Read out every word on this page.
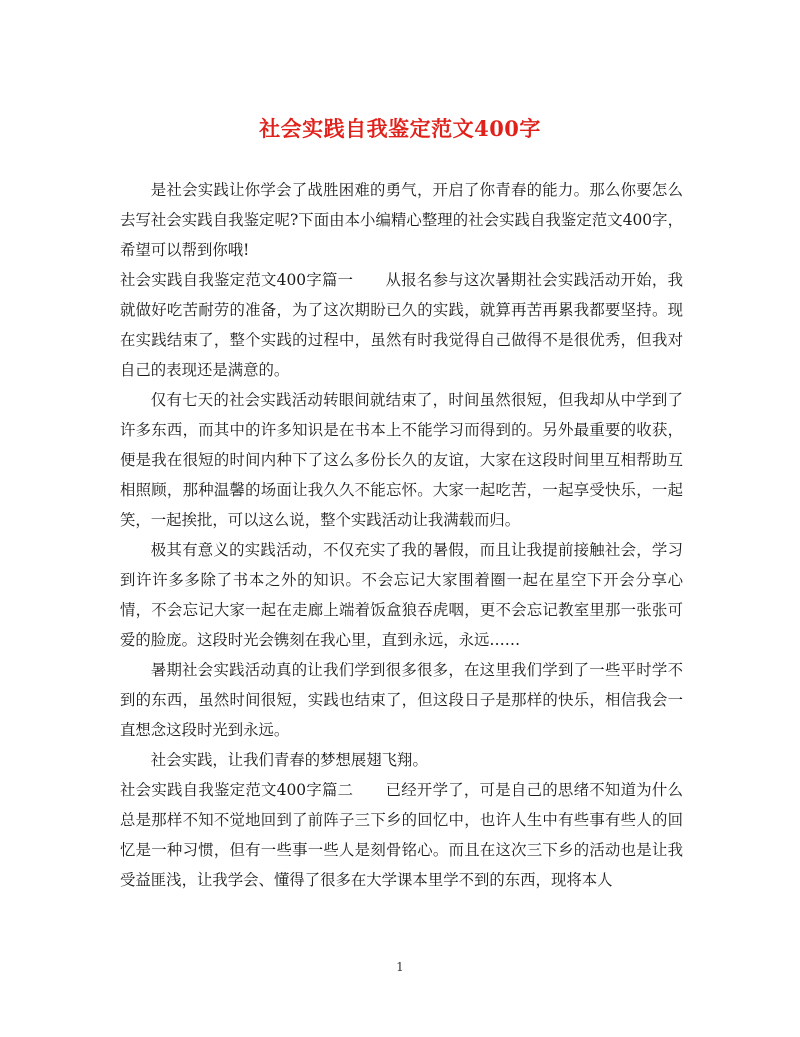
社会实践自我鉴定范文400字

是社会实践让你学会了战胜困难的勇气，开启了你青春的能力。那么你要怎么去写社会实践自我鉴定呢?下面由本小编精心整理的社会实践自我鉴定范文400字，希望可以帮到你哦!

社会实践自我鉴定范文400字篇一 从报名参与这次暑期社会实践活动开始，我就做好吃苦耐劳的准备，为了这次期盼已久的实践，就算再苦再累我都要坚持。现在实践结束了，整个实践的过程中，虽然有时我觉得自己做得不是很优秀，但我对自己的表现还是满意的。

仅有七天的社会实践活动转眼间就结束了，时间虽然很短，但我却从中学到了许多东西，而其中的许多知识是在书本上不能学习而得到的。另外最重要的收获，便是我在很短的时间内种下了这么多份长久的友谊，大家在这段时间里互相帮助互相照顾，那种温馨的场面让我久久不能忘怀。大家一起吃苦，一起享受快乐，一起笑，一起挨批，可以这么说，整个实践活动让我满载而归。

极其有意义的实践活动，不仅充实了我的暑假，而且让我提前接触社会，学习到许许多多除了书本之外的知识。不会忘记大家围着圈一起在星空下开会分享心情，不会忘记大家一起在走廊上端着饭盒狼吞虎咽，更不会忘记教室里那一张张可爱的脸庞。这段时光会镌刻在我心里，直到永远，永远……

暑期社会实践活动真的让我们学到很多很多，在这里我们学到了一些平时学不到的东西，虽然时间很短，实践也结束了，但这段日子是那样的快乐，相信我会一直想念这段时光到永远。

社会实践，让我们青春的梦想展翅飞翔。

社会实践自我鉴定范文400字篇二 已经开学了，可是自己的思绪不知道为什么总是那样不知不觉地回到了前阵子三下乡的回忆中，也许人生中有些事有些人的回忆是一种习惯，但有一些事一些人是刻骨铭心。而且在这次三下乡的活动也是让我受益匪浅，让我学会、懂得了很多在大学课本里学不到的东西，现将本人

1
